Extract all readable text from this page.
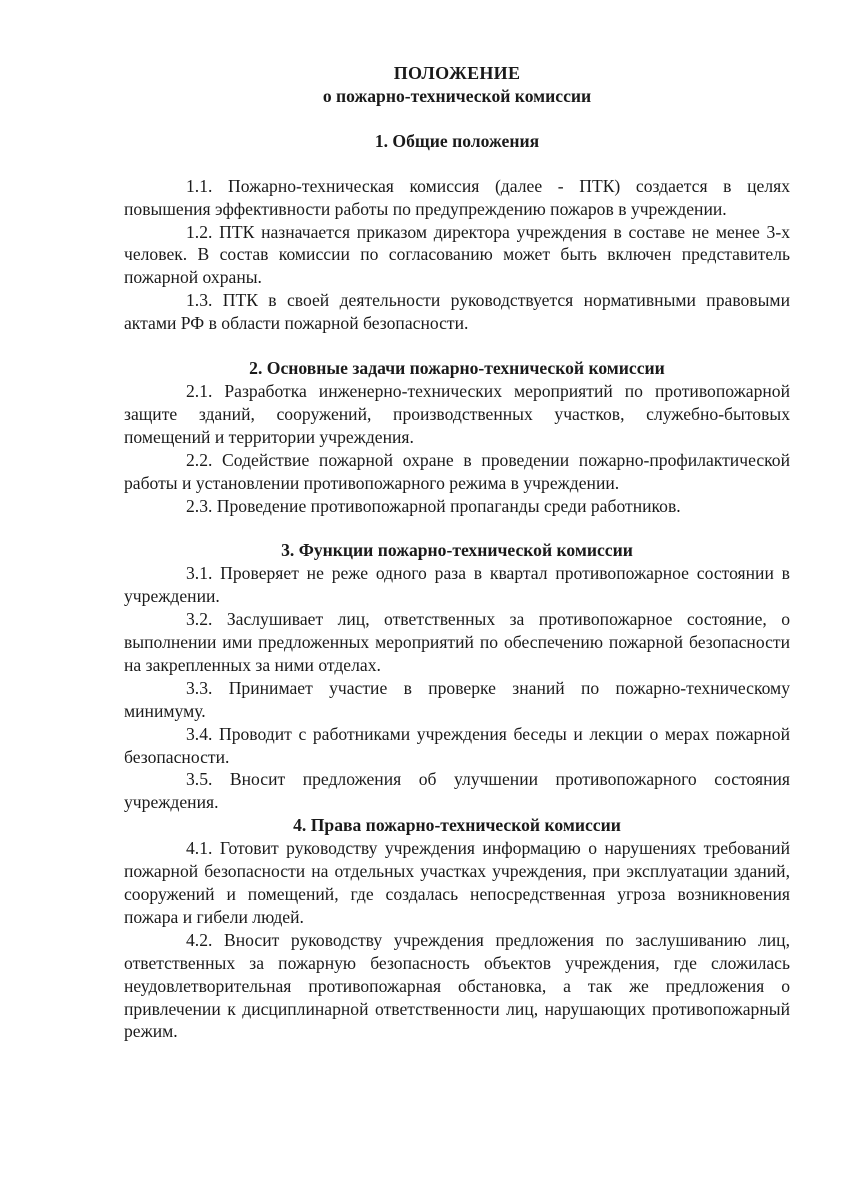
ПОЛОЖЕНИЕ

о пожарно-технической комиссии

1. Общие положения

1.1. Пожарно-техническая комиссия (далее - ПТК) создается в целях повышения эффективности работы по предупреждению пожаров в учреждении.

1.2. ПТК назначается приказом директора учреждения в составе не менее 3-х человек. В состав комиссии по согласованию может быть включен представитель пожарной охраны.

1.3. ПТК в своей деятельности руководствуется нормативными правовыми актами РФ в области пожарной безопасности.

2. Основные задачи пожарно-технической комиссии

2.1. Разработка инженерно-технических мероприятий по противопожарной защите зданий, сооружений, производственных участков, служебно-бытовых помещений и территории учреждения.

2.2. Содействие пожарной охране в проведении пожарно-профилактической работы и установлении противопожарного режима в учреждении.

2.3. Проведение противопожарной пропаганды среди работников.

3. Функции пожарно-технической комиссии

3.1. Проверяет не реже одного раза в квартал противопожарное состоянии в учреждении.

3.2. Заслушивает лиц, ответственных за противопожарное состояние, о выполнении ими предложенных мероприятий по обеспечению пожарной безопасности на закрепленных за ними отделах.

3.3. Принимает участие в проверке знаний по пожарно-техническому минимуму.

3.4. Проводит с работниками учреждения беседы и лекции о мерах пожарной безопасности.

3.5. Вносит предложения об улучшении противопожарного состояния учреждения.

4. Права пожарно-технической комиссии

4.1. Готовит руководству учреждения информацию о нарушениях требований пожарной безопасности на отдельных участках учреждения, при эксплуатации зданий, сооружений и помещений, где создалась непосредственная угроза возникновения пожара и гибели людей.

4.2. Вносит руководству учреждения предложения по заслушиванию лиц, ответственных за пожарную безопасность объектов учреждения, где сложилась неудовлетворительная противопожарная обстановка, а так же предложения о привлечении к дисциплинарной ответственности лиц, нарушающих противопожарный режим.
